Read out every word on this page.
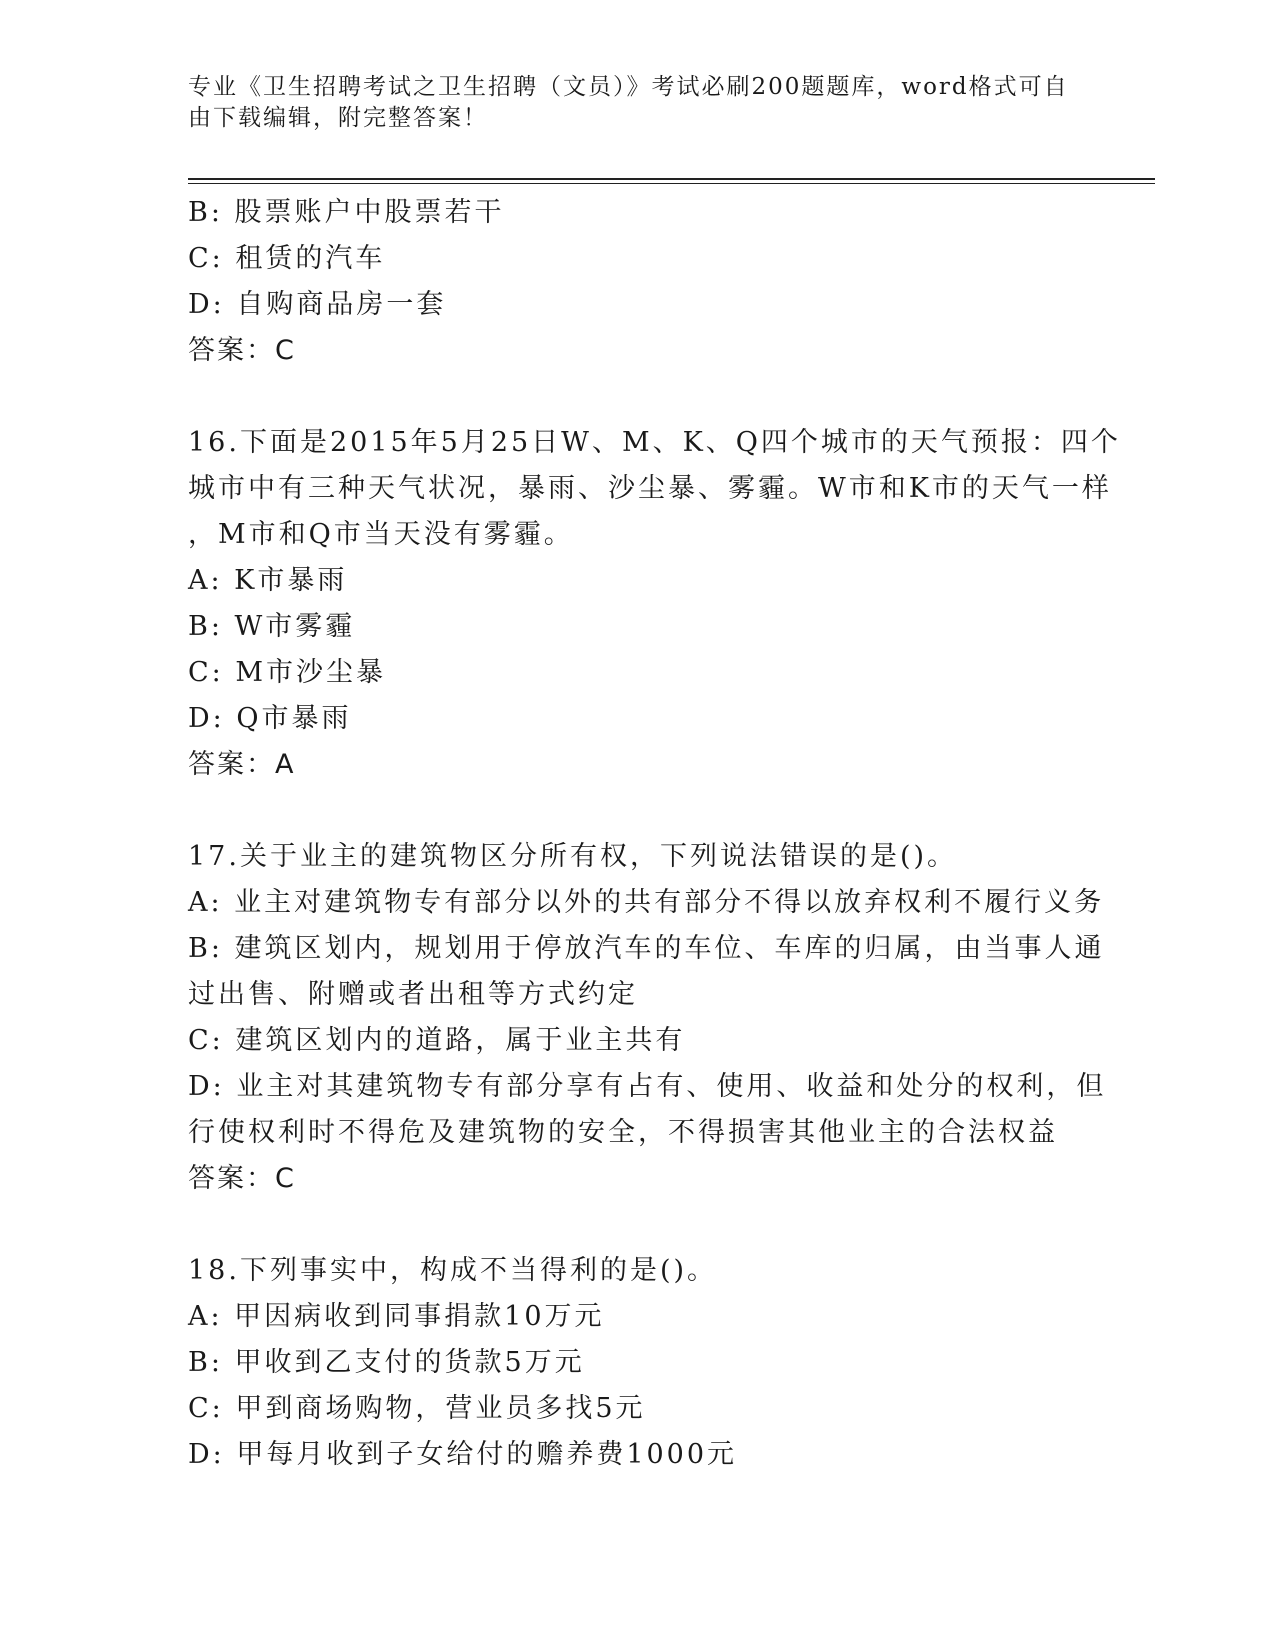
专业《卫生招聘考试之卫生招聘（文员）》考试必刷200题题库，word格式可自
由下载编辑，附完整答案！
B: 股票账户中股票若干
C: 租赁的汽车
D: 自购商品房一套
答案：C
16.下面是2015年5月25日W、M、K、Q四个城市的天气预报：四个
城市中有三种天气状况，暴雨、沙尘暴、雾霾。W市和K市的天气一样
，M市和Q市当天没有雾霾。
A: K市暴雨
B: W市雾霾
C: M市沙尘暴
D: Q市暴雨
答案：A
17.关于业主的建筑物区分所有权，下列说法错误的是()。
A: 业主对建筑物专有部分以外的共有部分不得以放弃权利不履行义务
B: 建筑区划内，规划用于停放汽车的车位、车库的归属，由当事人通
过出售、附赠或者出租等方式约定
C: 建筑区划内的道路，属于业主共有
D: 业主对其建筑物专有部分享有占有、使用、收益和处分的权利，但
行使权利时不得危及建筑物的安全，不得损害其他业主的合法权益
答案：C
18.下列事实中，构成不当得利的是()。
A: 甲因病收到同事捐款10万元
B: 甲收到乙支付的货款5万元
C: 甲到商场购物，营业员多找5元
D: 甲每月收到子女给付的赡养费1000元
